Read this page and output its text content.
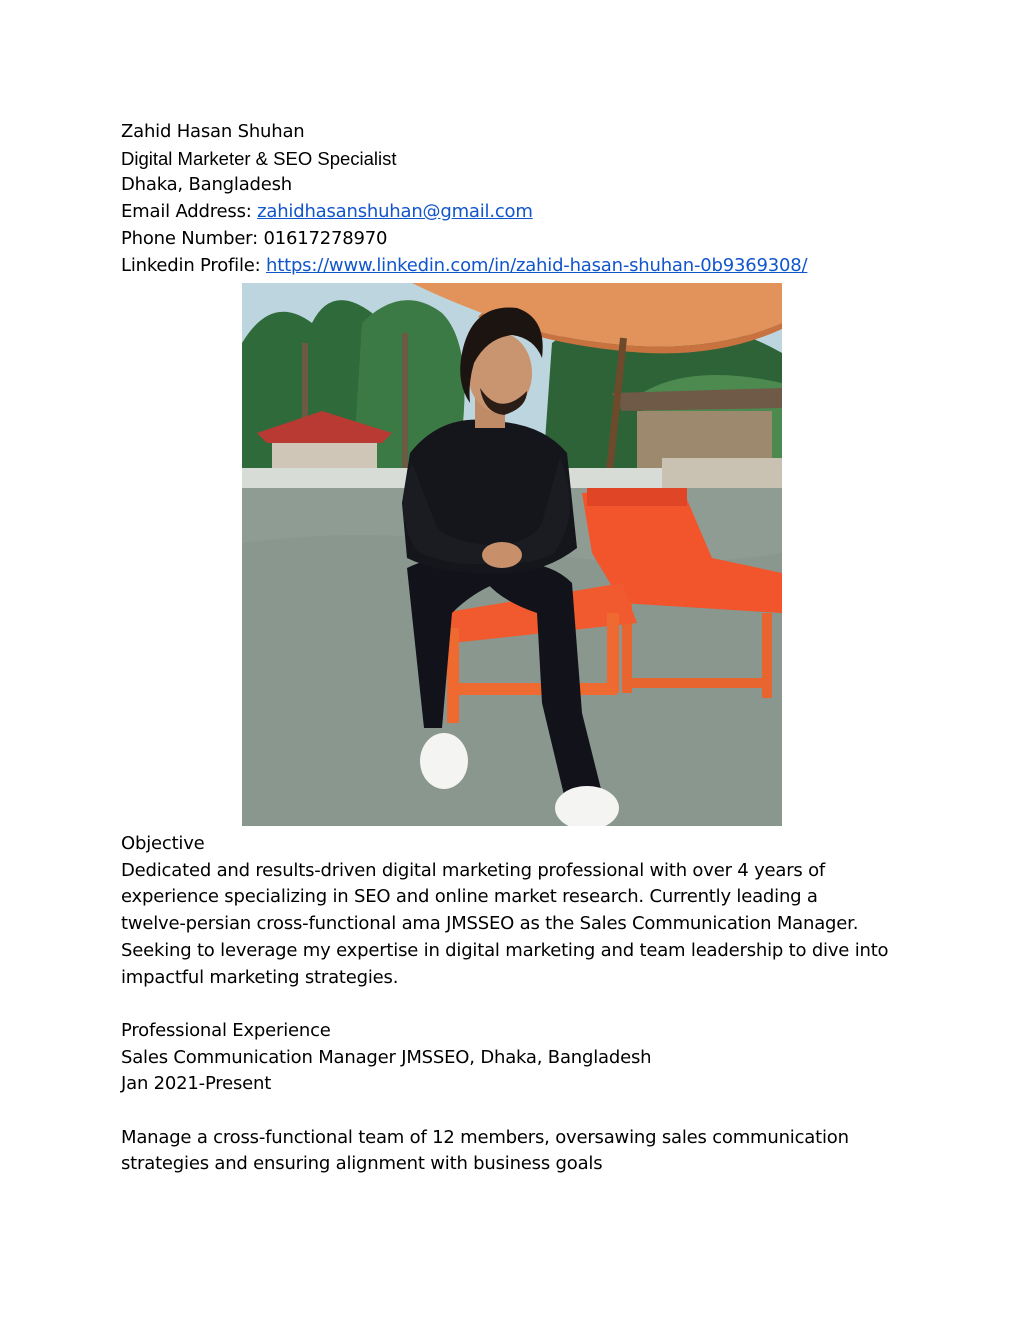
Zahid Hasan Shuhan
Digital Marketer & SEO Specialist
Dhaka, Bangladesh
Email Address: zahidhasanshuhan@gmail.com
Phone Number: 01617278970
Linkedin Profile: https://www.linkedin.com/in/zahid-hasan-shuhan-0b9369308/
Objective
Dedicated and results-driven digital marketing professional with over 4 years of
experience specializing in SEO and online market research. Currently leading a
twelve-persian cross-functional ama JMSSEO as the Sales Communication Manager.
Seeking to leverage my expertise in digital marketing and team leadership to dive into
impactful marketing strategies.
Professional Experience
Sales Communication Manager JMSSEO, Dhaka, Bangladesh
Jan 2021-Present
Manage a cross-functional team of 12 members, oversawing sales communication
strategies and ensuring alignment with business goals
